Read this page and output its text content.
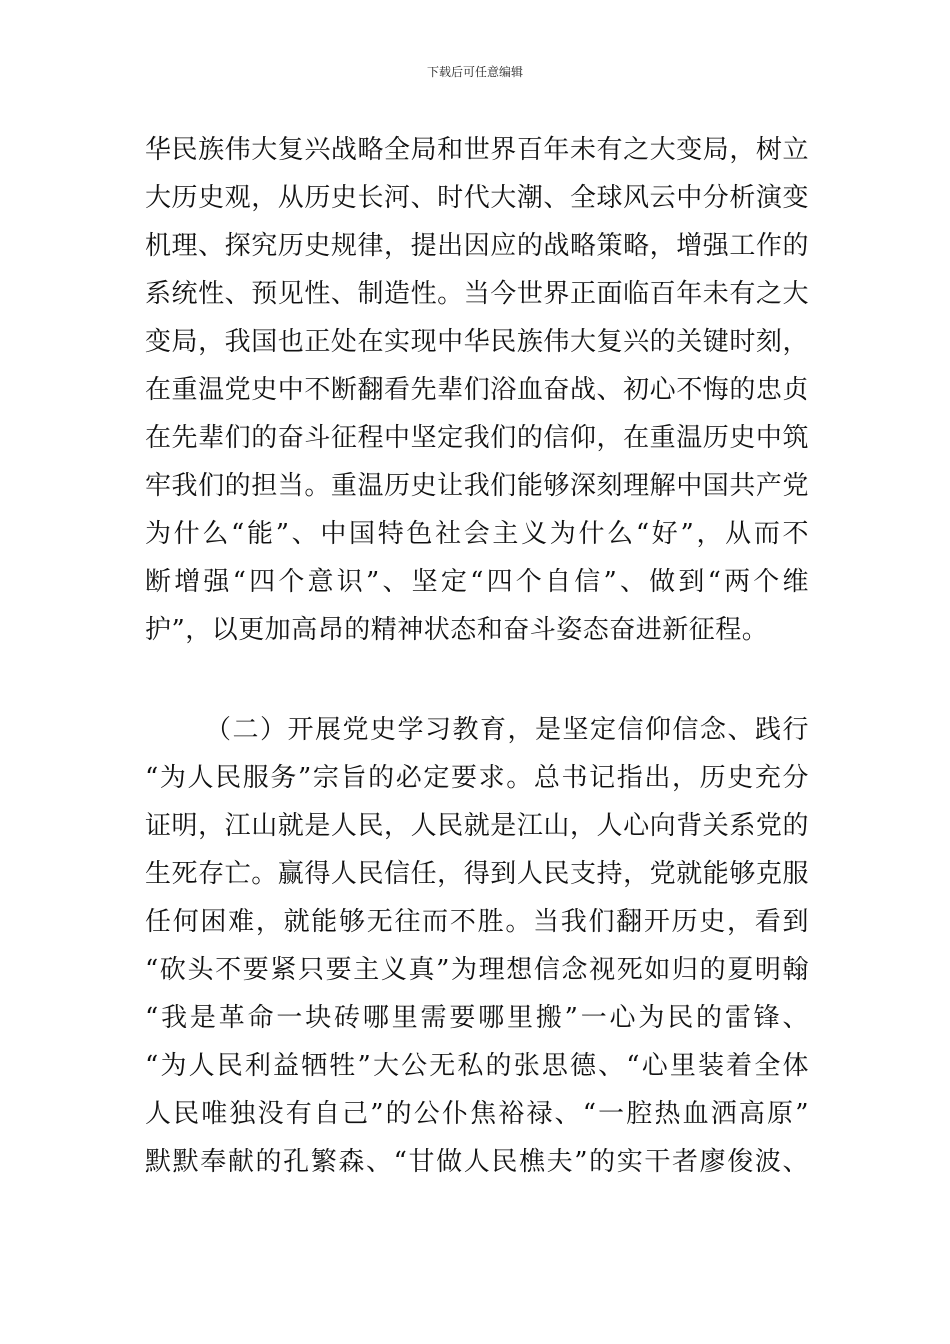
下载后可任意编辑
华民族伟大复兴战略全局和世界百年未有之大变局，树立
大历史观，从历史长河、时代大潮、全球风云中分析演变
机理、探究历史规律，提出因应的战略策略，增强工作的
系统性、预见性、制造性。当今世界正面临百年未有之大
变局，我国也正处在实现中华民族伟大复兴的关键时刻，
在重温党史中不断翻看先辈们浴血奋战、初心不悔的忠贞
在先辈们的奋斗征程中坚定我们的信仰，在重温历史中筑
牢我们的担当。重温历史让我们能够深刻理解中国共产党
为什么“能”、中国特色社会主义为什么“好”，从而不
断增强“四个意识”、坚定“四个自信”、做到“两个维
护”，以更加高昂的精神状态和奋斗姿态奋进新征程。
（二）开展党史学习教育，是坚定信仰信念、践行
“为人民服务”宗旨的必定要求。总书记指出，历史充分
证明，江山就是人民，人民就是江山，人心向背关系党的
生死存亡。赢得人民信任，得到人民支持，党就能够克服
任何困难，就能够无往而不胜。当我们翻开历史，看到
“砍头不要紧只要主义真”为理想信念视死如归的夏明翰
“我是革命一块砖哪里需要哪里搬”一心为民的雷锋、
“为人民利益牺牲”大公无私的张思德、“心里装着全体
人民唯独没有自己”的公仆焦裕禄、“一腔热血洒高原”
默默奉献的孔繁森、“甘做人民樵夫”的实干者廖俊波、
